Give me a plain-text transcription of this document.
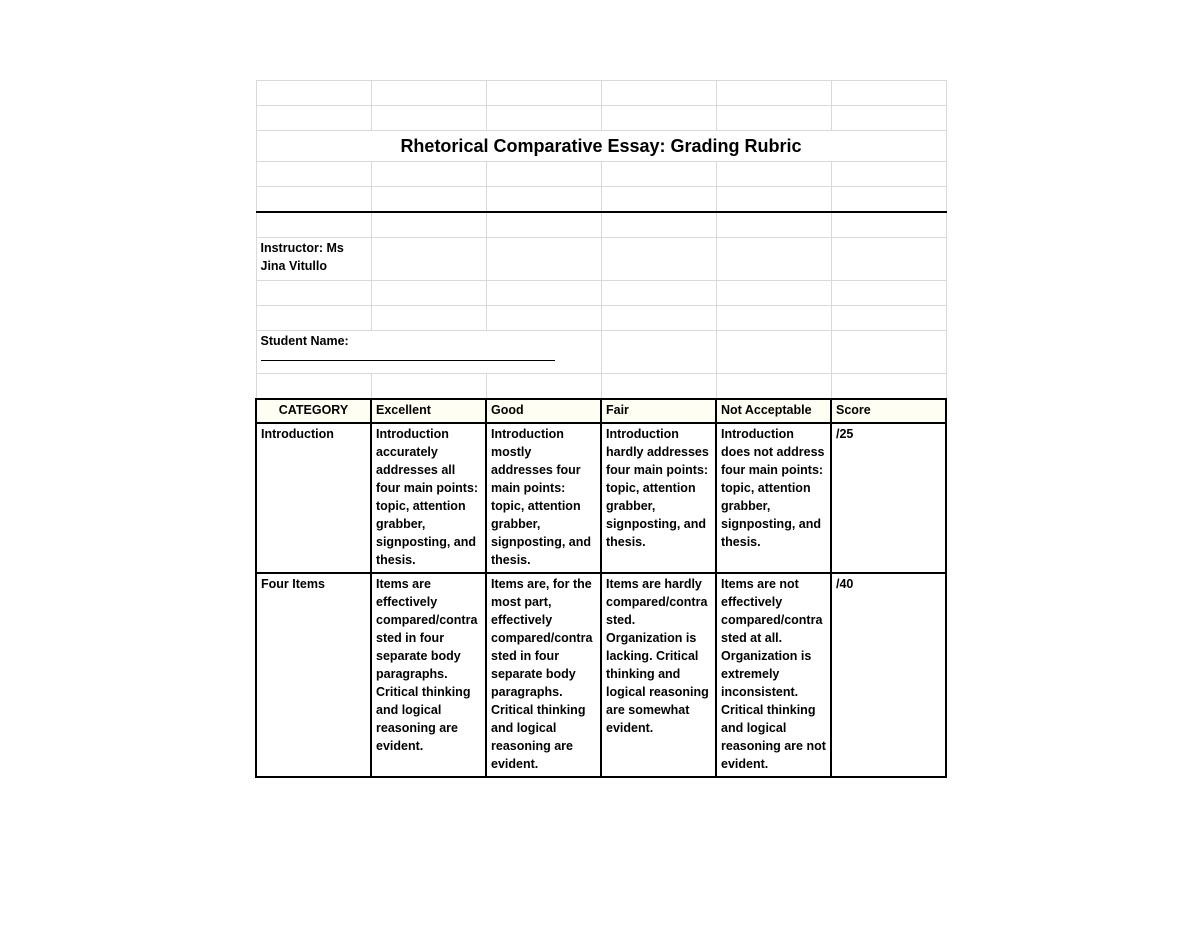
Rhetorical Comparative Essay: Grading Rubric					

Instructor: Ms Jina Vitullo					

Student Name:		

CATEGORY	Excellent	Good	Fair	Not Acceptable	Score
Introduction	Introduction accurately addresses all four main points: topic, attention grabber, signposting, and thesis.	Introduction mostly addresses four main points: topic, attention grabber, signposting, and thesis.	Introduction hardly addresses four main points: topic, attention grabber, signposting, and thesis.	Introduction does not address four main points: topic, attention grabber, signposting, and thesis.	/25
Four Items	Items are effectively compared/contrasted in four separate body paragraphs. Critical thinking and logical reasoning are evident.	Items are, for the most part, effectively compared/contrasted in four separate body paragraphs. Critical thinking and logical reasoning are evident.	Items are hardly compared/contrasted. Organization is lacking. Critical thinking and logical reasoning are somewhat evident.	Items are not effectively compared/contrasted at all. Organization is extremely inconsistent. Critical thinking and logical reasoning are not evident.	/40
